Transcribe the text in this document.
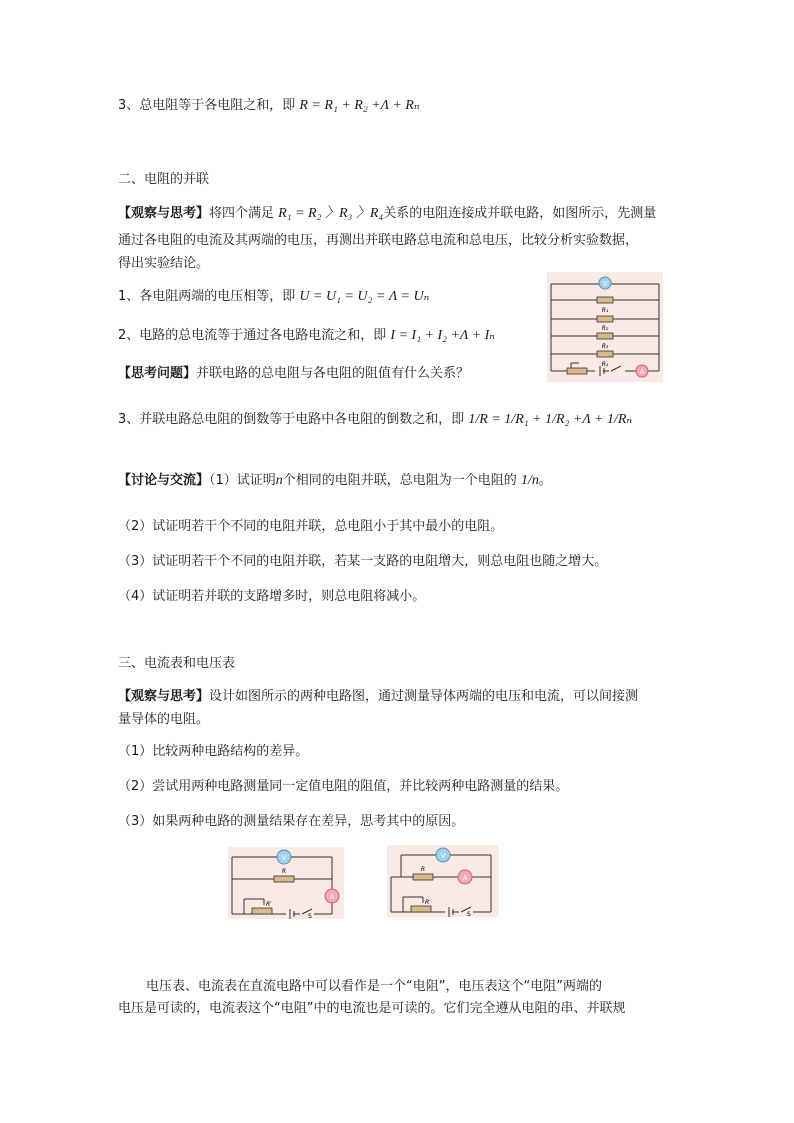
3、总电阻等于各电阻之和，即 R = R₁ + R₂ +Λ + Rₙ
二、电阻的并联
【观察与思考】将四个满足 R₁ = R₂ 〉R₃ 〉R₄关系的电阻连接成并联电路，如图所示，先测量
通过各电阻的电流及其两端的电压，再测出并联电路总电流和总电压，比较分析实验数据，
得出实验结论。
1、各电阻两端的电压相等，即 U = U₁ = U₂ = Λ = Uₙ
2、电路的总电流等于通过各电路电流之和，即 I = I₁ + I₂ +Λ + Iₙ
【思考问题】并联电路的总电阻与各电阻的阻值有什么关系？
V
R₁
R₂
R₃
R₄
A
3、并联电路总电阻的倒数等于电路中各电阻的倒数之和，即 1/R = 1/R₁ + 1/R₂ +Λ + 1/Rₙ
【讨论与交流】（1）试证明n个相同的电阻并联，总电阻为一个电阻的 1/n。
（2）试证明若干个不同的电阻并联，总电阻小于其中最小的电阻。
（3）试证明若干个不同的电阻并联，若某一支路的电阻增大，则总电阻也随之增大。
（4）试证明若并联的支路增多时，则总电阻将减小。
三、电流表和电压表
【观察与思考】设计如图所示的两种电路图，通过测量导体两端的电压和电流，可以间接测
量导体的电阻。
（1）比较两种电路结构的差异。
（2）尝试用两种电路测量同一定值电阻的阻值，并比较两种电路测量的结果。
（3）如果两种电路的测量结果存在差异，思考其中的原因。
V
R
A
R′
S
V
R
A
R′
S
电压表、电流表在直流电路中可以看作是一个“电阻”，电压表这个“电阻”两端的
电压是可读的，电流表这个“电阻”中的电流也是可读的。它们完全遵从电阻的串、并联规
